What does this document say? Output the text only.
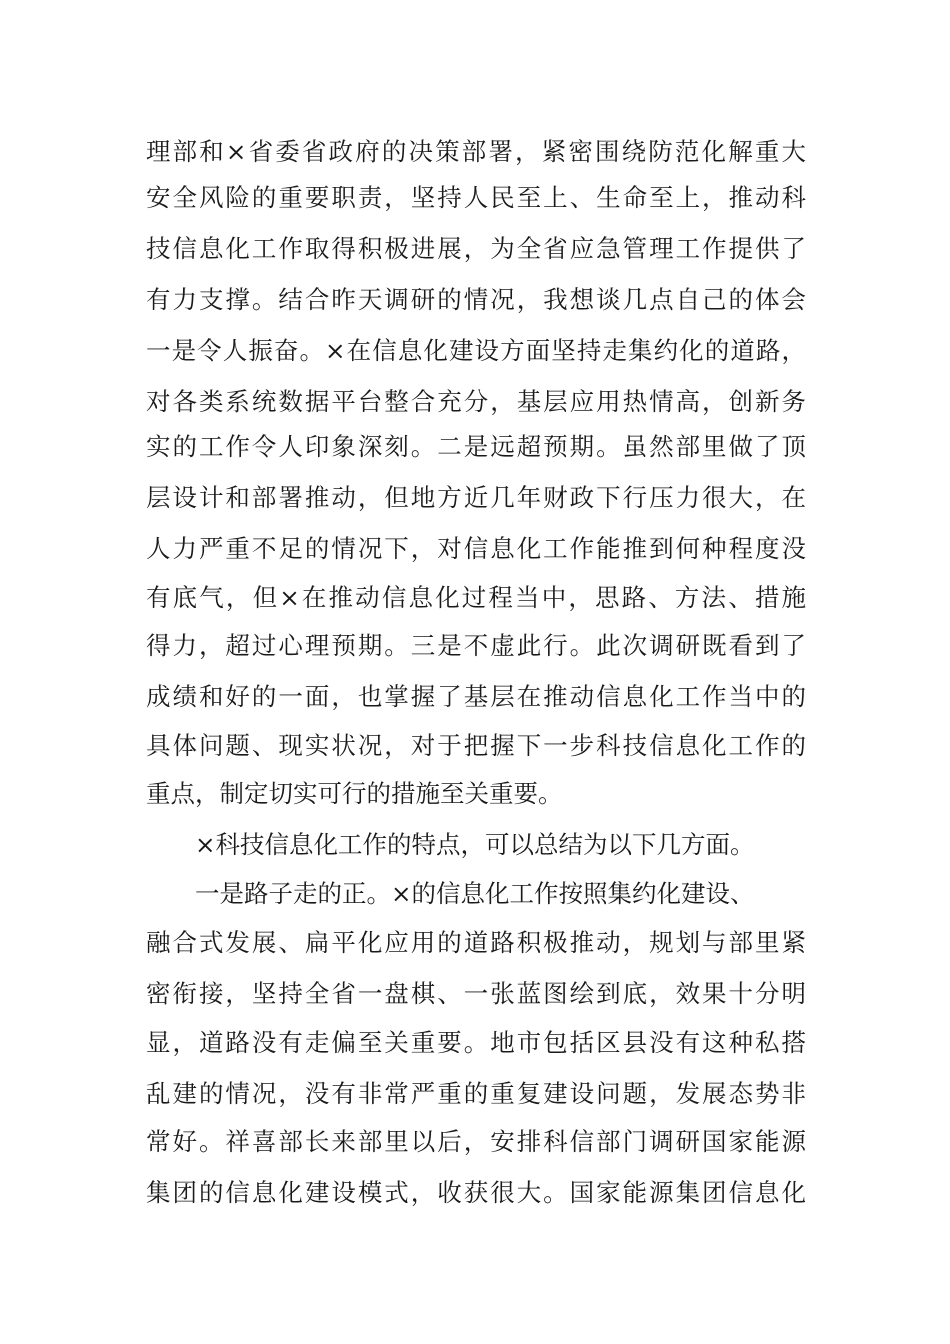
理部和×省委省政府的决策部署，紧密围绕防范化解重大
安全风险的重要职责，坚持人民至上、生命至上，推动科
技信息化工作取得积极进展，为全省应急管理工作提供了
有力支撑。结合昨天调研的情况，我想谈几点自己的体会
一是令人振奋。×在信息化建设方面坚持走集约化的道路，
对各类系统数据平台整合充分，基层应用热情高，创新务
实的工作令人印象深刻。二是远超预期。虽然部里做了顶
层设计和部署推动，但地方近几年财政下行压力很大，在
人力严重不足的情况下，对信息化工作能推到何种程度没
有底气，但×在推动信息化过程当中，思路、方法、措施
得力，超过心理预期。三是不虚此行。此次调研既看到了
成绩和好的一面，也掌握了基层在推动信息化工作当中的
具体问题、现实状况，对于把握下一步科技信息化工作的
重点，制定切实可行的措施至关重要。
×科技信息化工作的特点，可以总结为以下几方面。
一是路子走的正。×的信息化工作按照集约化建设、
融合式发展、扁平化应用的道路积极推动，规划与部里紧
密衔接，坚持全省一盘棋、一张蓝图绘到底，效果十分明
显，道路没有走偏至关重要。地市包括区县没有这种私搭
乱建的情况，没有非常严重的重复建设问题，发展态势非
常好。祥喜部长来部里以后，安排科信部门调研国家能源
集团的信息化建设模式，收获很大。国家能源集团信息化
